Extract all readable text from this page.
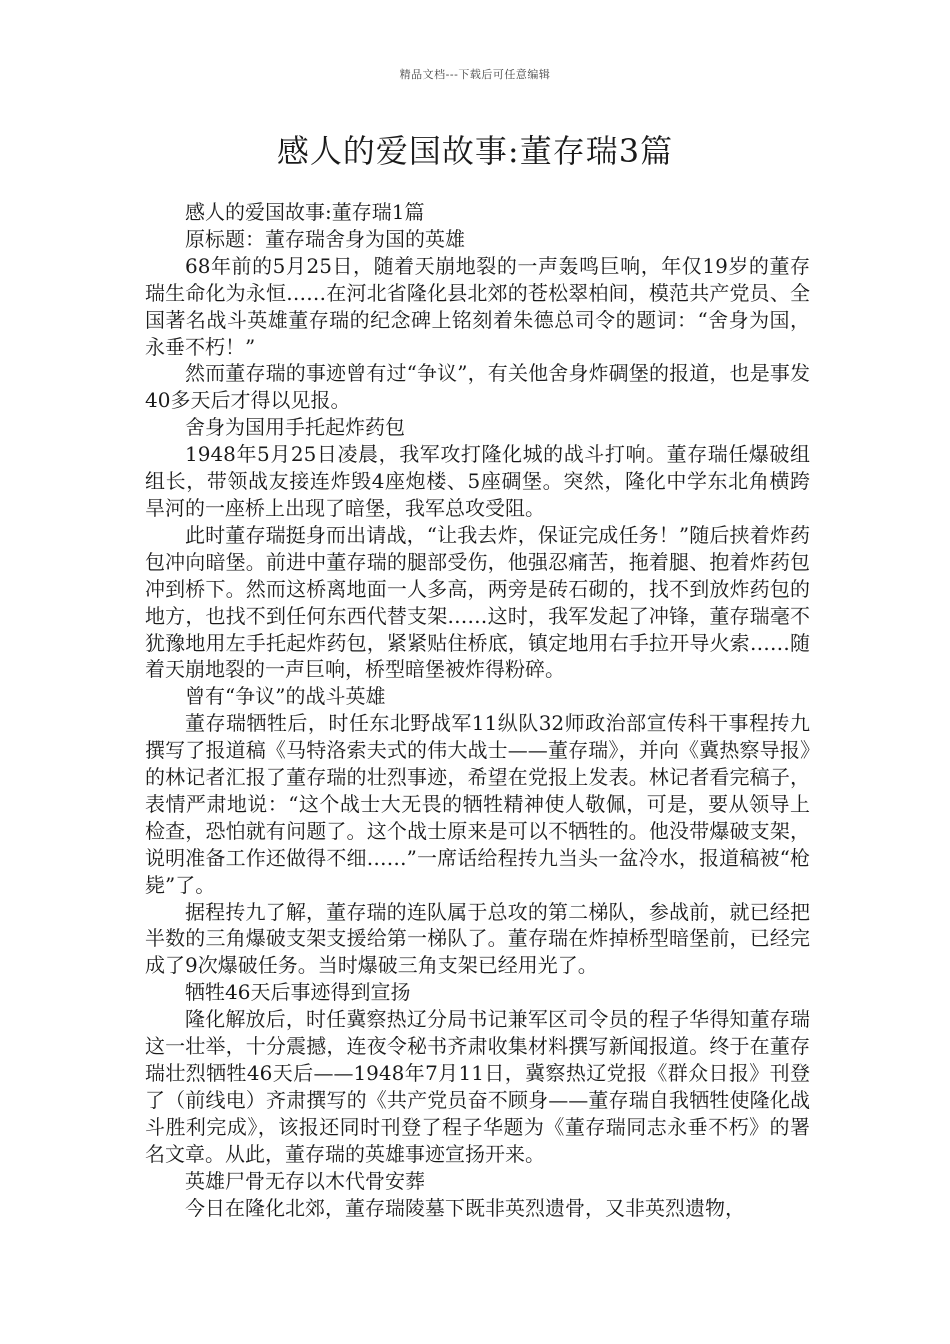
精品文档---下载后可任意编辑
感人的爱国故事:董存瑞3篇

感人的爱国故事:董存瑞1篇

原标题：董存瑞舍身为国的英雄

68年前的5月25日，随着天崩地裂的一声轰鸣巨响，年仅19岁的董存瑞生命化为永恒……在河北省隆化县北郊的苍松翠柏间，模范共产党员、全国著名战斗英雄董存瑞的纪念碑上铭刻着朱德总司令的题词：“舍身为国，永垂不朽！”

然而董存瑞的事迹曾有过“争议”，有关他舍身炸碉堡的报道，也是事发40多天后才得以见报。

舍身为国用手托起炸药包

1948年5月25日凌晨，我军攻打隆化城的战斗打响。董存瑞任爆破组组长，带领战友接连炸毁4座炮楼、5座碉堡。突然，隆化中学东北角横跨旱河的一座桥上出现了暗堡，我军总攻受阻。

此时董存瑞挺身而出请战，“让我去炸，保证完成任务！”随后挟着炸药包冲向暗堡。前进中董存瑞的腿部受伤，他强忍痛苦，拖着腿、抱着炸药包冲到桥下。然而这桥离地面一人多高，两旁是砖石砌的，找不到放炸药包的地方，也找不到任何东西代替支架……这时，我军发起了冲锋，董存瑞毫不犹豫地用左手托起炸药包，紧紧贴住桥底，镇定地用右手拉开导火索……随着天崩地裂的一声巨响，桥型暗堡被炸得粉碎。

曾有“争议”的战斗英雄

董存瑞牺牲后，时任东北野战军11纵队32师政治部宣传科干事程抟九撰写了报道稿《马特洛索夫式的伟大战士——董存瑞》，并向《冀热察导报》的林记者汇报了董存瑞的壮烈事迹，希望在党报上发表。林记者看完稿子，表情严肃地说：“这个战士大无畏的牺牲精神使人敬佩，可是，要从领导上检查，恐怕就有问题了。这个战士原来是可以不牺牲的。他没带爆破支架，说明准备工作还做得不细……”一席话给程抟九当头一盆冷水，报道稿被“枪毙”了。

据程抟九了解，董存瑞的连队属于总攻的第二梯队，参战前，就已经把半数的三角爆破支架支援给第一梯队了。董存瑞在炸掉桥型暗堡前，已经完成了9次爆破任务。当时爆破三角支架已经用光了。

牺牲46天后事迹得到宣扬

隆化解放后，时任冀察热辽分局书记兼军区司令员的程子华得知董存瑞这一壮举，十分震撼，连夜令秘书齐肃收集材料撰写新闻报道。终于在董存瑞壮烈牺牲46天后——1948年7月11日，冀察热辽党报《群众日报》刊登了（前线电）齐肃撰写的《共产党员奋不顾身——董存瑞自我牺牲使隆化战斗胜利完成》，该报还同时刊登了程子华题为《董存瑞同志永垂不朽》的署名文章。从此，董存瑞的英雄事迹宣扬开来。

英雄尸骨无存以木代骨安葬

今日在隆化北郊，董存瑞陵墓下既非英烈遗骨，又非英烈遗物，
